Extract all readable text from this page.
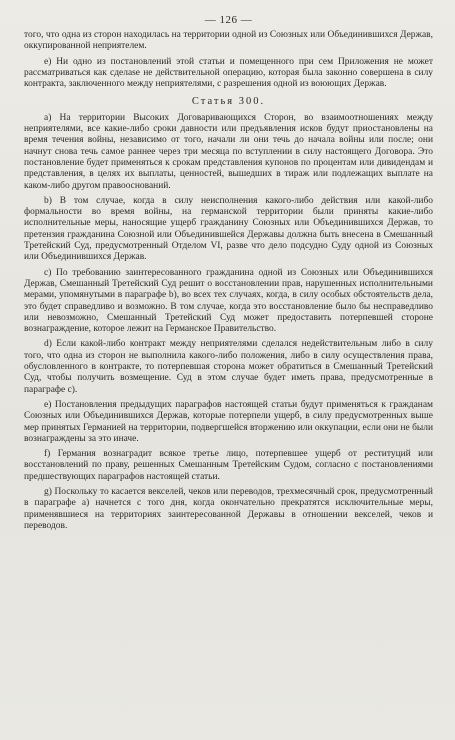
— 126 —

того, что одна из сторон находилась на территории одной из Союзных или Объединившихся Держав, оккупированной неприятелем.

е) Ни одно из постановлений этой статьи и помещенного при сем Приложения не может рассматриваться как сделаsе не действительной операцию, которая была законно совершена в силу контракта, заключенного между неприятелями, с разрешения одной из воюющих Держав.

Статья 300.

а) На территории Высоких Договаривающихся Сторон, во взаимоотношениях между неприятелями, все какие-либо сроки давности или предъявления исков будут приостановлены на время течения войны, независимо от того, начали ли они течь до начала войны или после; они начнут снова течь самое раннее через три месяца по вступлении в силу настоящего Договора. Это постановление будет применяться к срокам представления купонов по процентам или дивидендам и представления, в целях их выплаты, ценностей, вышедших в тираж или подлежащих выплате на каком-либо другом правооснований.

b) В том случае, когда в силу неисполнения какого-либо действия или какой-либо формальности во время войны, на германской территории были приняты какие-либо исполнительные меры, наносящие ущерб гражданину Союзных или Объединившихся Держав, то претензия гражданина Союзной или Объединившейся Державы должна быть внесена в Смешанный Третейский Суд, предусмотренный Отделом VI, разве что дело подсудно Суду одной из Союзных или Объединившихся Держав.

с) По требованию заинтересованного гражданина одной из Союзных или Объединившихся Держав, Смешанный Третейский Суд решит о восстановлении прав, нарушенных исполнительными мерами, упомянутыми в параграфе b), во всех тех случаях, когда, в силу особых обстоятельств дела, это будет справедливо и возможно. В том случае, когда это восстановление было бы несправедливо или невозможно, Смешанный Третейский Суд может предоставить потерпевшей стороне вознаграждение, которое лежит на Германское Правительство.

d) Если какой-либо контракт между неприятелями сделался недействительным либо в силу того, что одна из сторон не выполнила какого-либо положения, либо в силу осуществления права, обусловленного в контракте, то потерпевшая сторона может обратиться в Смешанный Третейский Суд, чтобы получить возмещение. Суд в этом случае будет иметь права, предусмотренные в параграфе с).

е) Постановления предыдущих параграфов настоящей статьи будут применяться к гражданам Союзных или Объединившихся Держав, которые потерпели ущерб, в силу предусмотренных выше мер принятых Германией на территории, подвергшейся вторжению или оккупации, если они не были вознаграждены за это иначе.

f) Германия вознаградит всякое третье лицо, потерпевшее ущерб от реституций или восстановлений по праву, решенных Смешанным Третейским Судом, согласно с постановлениями предшествующих параграфов настоящей статьи.

g) Поскольку то касается векселей, чеков или переводов, трехмесячный срок, предусмотренный в параграфе а) начнется с того дня, когда окончательно прекратятся исключительные меры, применявшиеся на территориях заинтересованной Державы в отношении векселей, чеков и переводов.
